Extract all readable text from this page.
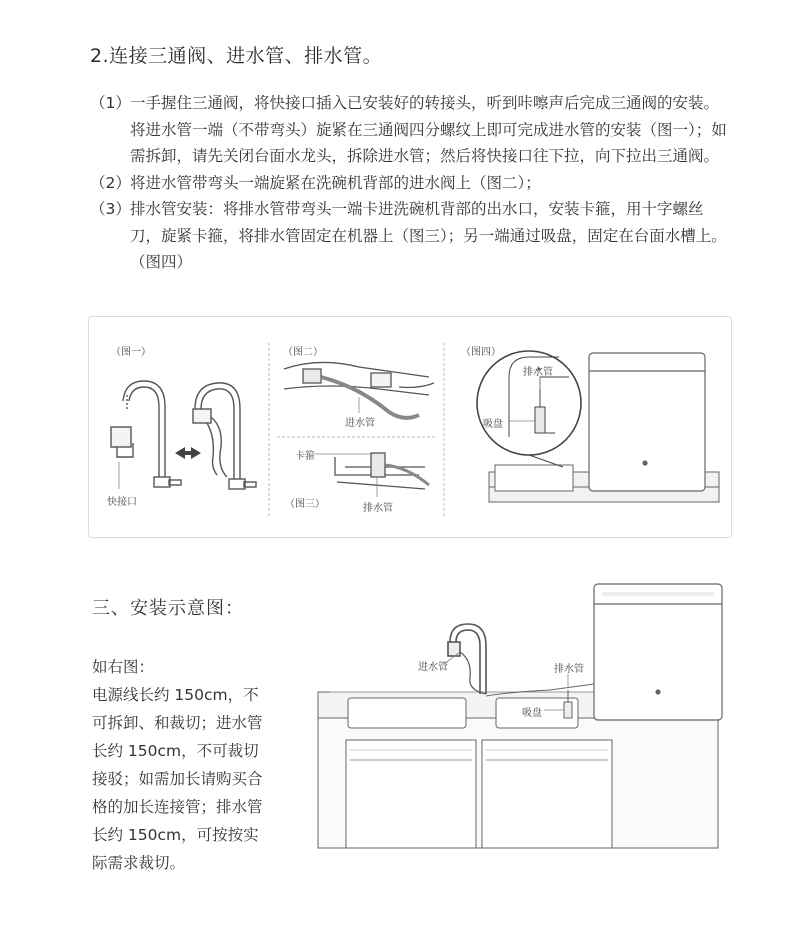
2.连接三通阀、进水管、排水管。
（1） 一手握住三通阀，将快接口插入已安装好的转接头，听到咔嚓声后完成三通阀的安装。将进水管一端（不带弯头）旋紧在三通阀四分螺纹上即可完成进水管的安装（图一）；如需拆卸，请先关闭台面水龙头，拆除进水管；然后将快接口往下拉，向下拉出三通阀。
（2） 将进水管带弯头一端旋紧在洗碗机背部的进水阀上（图二）；
（3） 排水管安装：将排水管带弯头一端卡进洗碗机背部的出水口，安装卡箍，用十字螺丝刀，旋紧卡箍，将排水管固定在机器上（图三）；另一端通过吸盘，固定在台面水槽上。（图四）
（图一）
快接口
（图二）
进水管
卡箍
（图三）	排水管
（图四）
排水管
吸盘
三、安装示意图：
如右图：
电源线长约 150cm，不
可拆卸、和裁切；进水管
长约 150cm，不可裁切
接驳；如需加长请购买合
格的加长连接管；排水管
长约 150cm，可按按实
际需求裁切。
进水管	排水管
吸盘
